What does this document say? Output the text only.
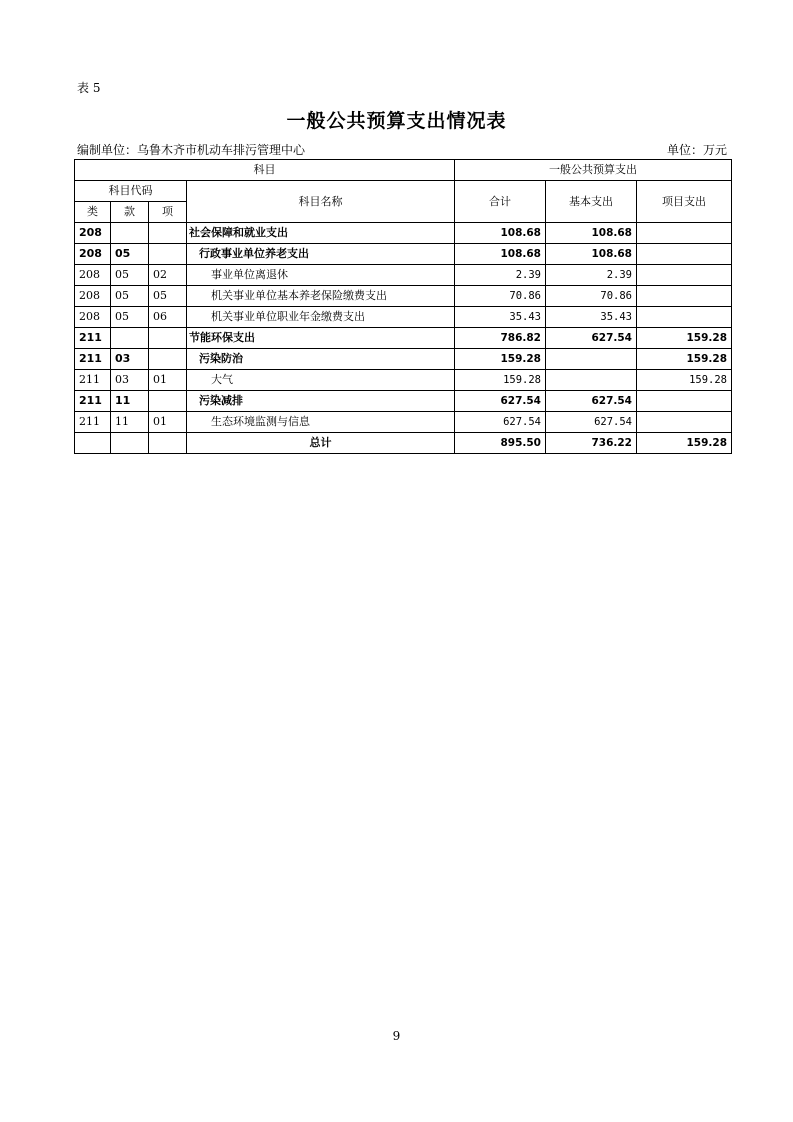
表 5
一般公共预算支出情况表
编制单位：乌鲁木齐市机动车排污管理中心	单位：万元
科目				一般公共预算支出		
科目代码			科目名称	合计	基本支出	项目支出
类	款	项				
208			社会保障和就业支出	108.68	108.68	
208	05		行政事业单位养老支出	108.68	108.68	
208	05	02	事业单位离退休	2.39	2.39	
208	05	05	机关事业单位基本养老保险缴费支出	70.86	70.86	
208	05	06	机关事业单位职业年金缴费支出	35.43	35.43	
211			节能环保支出	786.82	627.54	159.28
211	03		污染防治	159.28		159.28
211	03	01	大气	159.28		159.28
211	11		污染减排	627.54	627.54	
211	11	01	生态环境监测与信息	627.54	627.54	
			总计	895.50	736.22	159.28
9
